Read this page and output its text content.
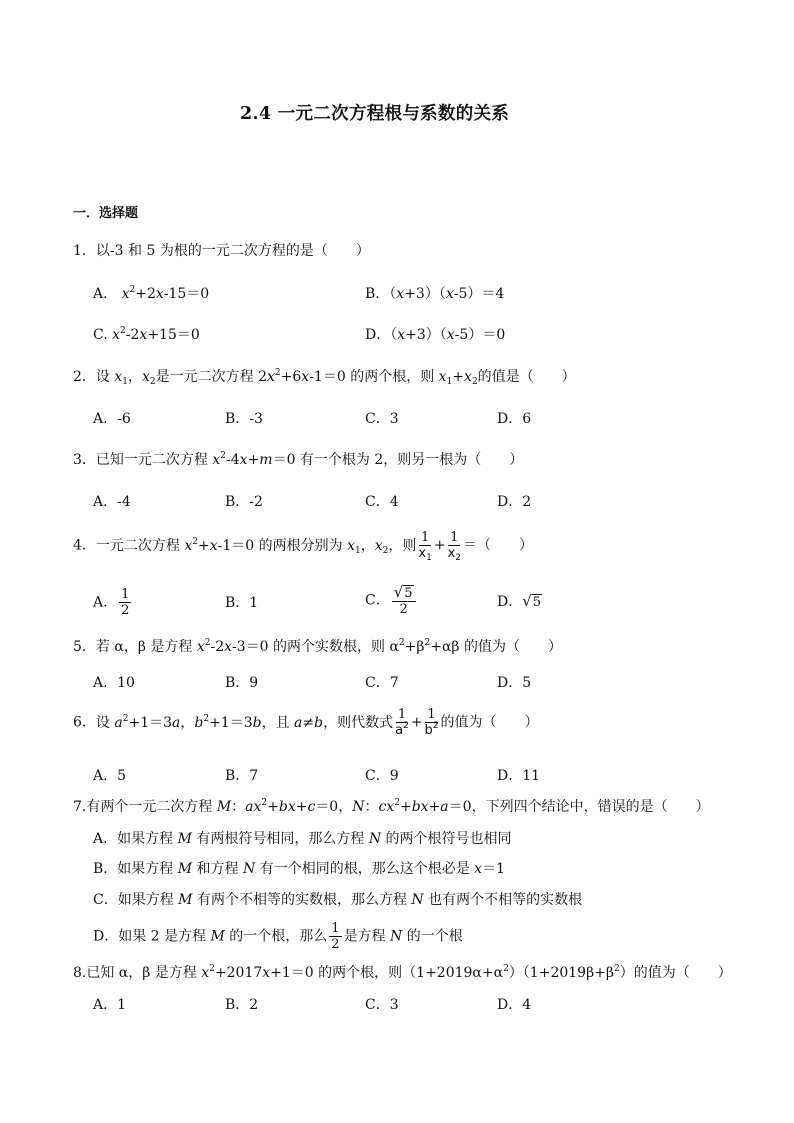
2.4 一元二次方程根与系数的关系
一．选择题
1．以-3 和 5 为根的一元二次方程的是（　　）
A． $x^2+2x-15=0$	B．（x+3）（x-5）＝4
C. $x^2-2x+15=0$	D．（x+3）（x-5）＝0
2．设 $x_1$，$x_2$是一元二次方程 $2x^2+6x-1=0$ 的两个根，则 $x_1+x_2$的值是（　　）
A．-6	B．-3	C．3	D．6
3．已知一元二次方程 $x^2-4x+m=0$ 有一个根为 2，则另一根为（　　）
A．-4	B．-2	C．4	D．2
4．一元二次方程 $x^2+x-1=0$ 的两根分别为 $x_1$，$x_2$，则 $\frac{1}{x_1} + \frac{1}{x_2}$ ＝（　　）
A． $\frac{1}{2}$	B．1	C． $\frac{√ 5}{2}$	D． √ 5
5．若 α，β 是方程 $x^2-2x-3=0$ 的两个实数根，则 $\alpha^2+\beta^2+\alpha\beta$ 的值为（　　）
A．10	B．9	C．7	D．5
6．设 $a^2+1=3a$，$b^2+1=3b$，且 a≠b，则代数式 $\frac{1}{a^2} + \frac{1}{b^2}$ 的值为（　　）
A．5	B．7	C．9	D．11
7.有两个一元二次方程 M：$ax^2+bx+c=0$，N：$cx^2+bx+a=0$，下列四个结论中，错误的是（　　）
A．如果方程 M 有两根符号相同，那么方程 N 的两个根符号也相同
B．如果方程 M 和方程 N 有一个相同的根，那么这个根必是 x＝1
C．如果方程 M 有两个不相等的实数根，那么方程 N 也有两个不相等的实数根
D．如果 2 是方程 M 的一个根，那么 $\frac{1}{2}$ 是方程 N 的一个根
8.已知 α，β 是方程 $x^2+2017x+1=0$ 的两个根，则$(1+2019\alpha+\alpha^2)(1+2019\beta+\beta^2)$的值为（　　）
A．1	B．2	C．3	D．4
